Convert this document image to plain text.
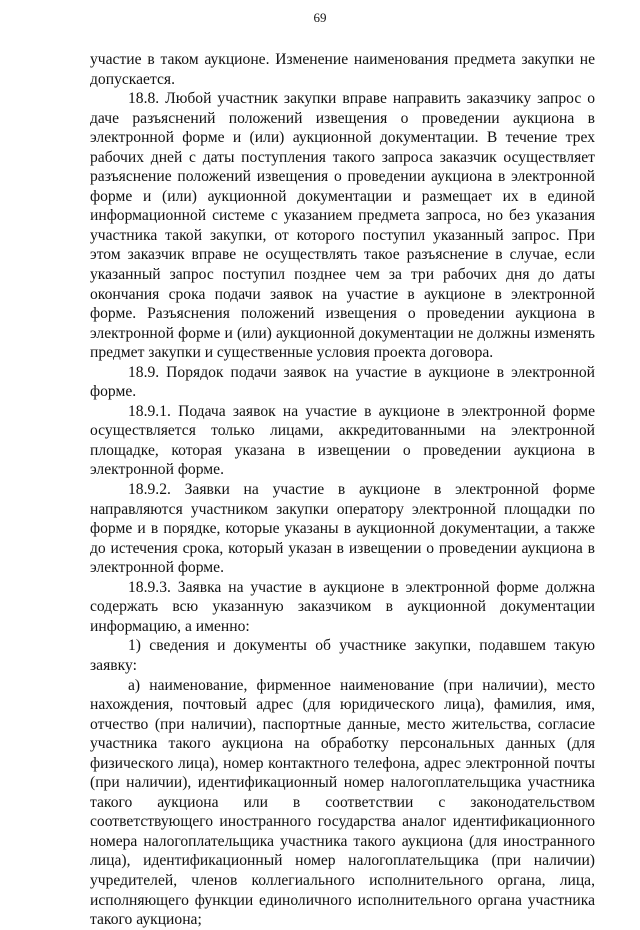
69

участие в таком аукционе. Изменение наименования предмета закупки не допускается.

18.8. Любой участник закупки вправе направить заказчику запрос о даче разъяснений положений извещения о проведении аукциона в электронной форме и (или) аукционной документации. В течение трех рабочих дней с даты поступления такого запроса заказчик осуществляет разъяснение положений извещения о проведении аукциона в электронной форме и (или) аукционной документации и размещает их в единой информационной системе с указанием предмета запроса, но без указания участника такой закупки, от которого поступил указанный запрос. При этом заказчик вправе не осуществлять такое разъяснение в случае, если указанный запрос поступил позднее чем за три рабочих дня до даты окончания срока подачи заявок на участие в аукционе в электронной форме. Разъяснения положений извещения о проведении аукциона в электронной форме и (или) аукционной документации не должны изменять предмет закупки и существенные условия проекта договора.

18.9. Порядок подачи заявок на участие в аукционе в электронной форме.

18.9.1. Подача заявок на участие в аукционе в электронной форме осуществляется только лицами, аккредитованными на электронной площадке, которая указана в извещении о проведении аукциона в электронной форме.

18.9.2. Заявки на участие в аукционе в электронной форме направляются участником закупки оператору электронной площадки по форме и в порядке, которые указаны в аукционной документации, а также до истечения срока, который указан в извещении о проведении аукциона в электронной форме.

18.9.3. Заявка на участие в аукционе в электронной форме должна содержать всю указанную заказчиком в аукционной документации информацию, а именно:

1) сведения и документы об участнике закупки, подавшем такую заявку:

а) наименование, фирменное наименование (при наличии), место нахождения, почтовый адрес (для юридического лица), фамилия, имя, отчество (при наличии), паспортные данные, место жительства, согласие участника такого аукциона на обработку персональных данных (для физического лица), номер контактного телефона, адрес электронной почты (при наличии), идентификационный номер налогоплательщика участника такого аукциона или в соответствии с законодательством соответствующего иностранного государства аналог идентификационного номера налогоплательщика участника такого аукциона (для иностранного лица), идентификационный номер налогоплательщика (при наличии) учредителей, членов коллегиального исполнительного органа, лица, исполняющего функции единоличного исполнительного органа участника такого аукциона;
